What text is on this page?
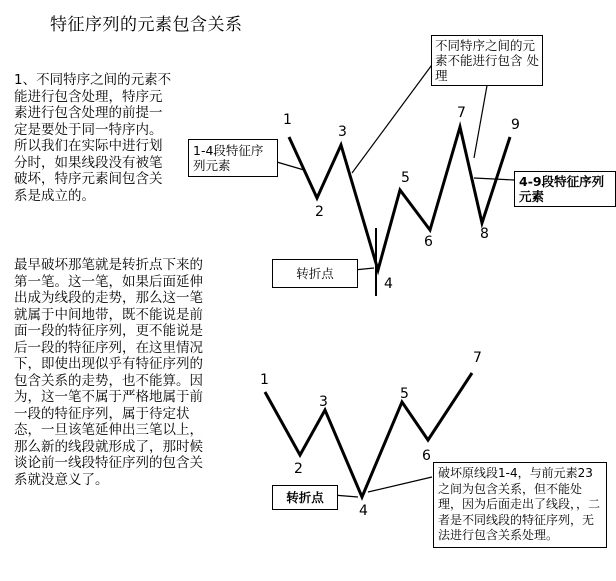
特征序列的元素包含关系
1、不同特序之间的元素不能进行包含处理，特序元素进行包含处理的前提一定是要处于同一特序内。所以我们在实际中进行划分时，如果线段没有被笔破坏，特序元素间包含关系是成立的。
最早破坏那笔就是转折点下来的第一笔。这一笔，如果后面延伸出成为线段的走势，那么这一笔就属于中间地带，既不能说是前面一段的特征序列，更不能说是后一段的特征序列，在这里情况下，即使出现似乎有特征序列的包含关系的走势，也不能算。因为，这一笔不属于严格地属于前一段的特征序列，属于待定状态，一旦该笔延伸出三笔以上，那么新的线段就形成了，那时候谈论前一线段特征序列的包含关系就没意义了。
1
2
3
4
5
6
7
8
9
1
2
3
4
5
6
7
不同特序之间的元素不能进行包含 处 理
1-4段特征序列元素
4-9段特征序列元素
转折点
转折点
破坏原线段1-4，与前元素23之间为包含关系，但不能处理，因为后面走出了线段，，二者是不同线段的特征序列，无法进行包含关系处理。
